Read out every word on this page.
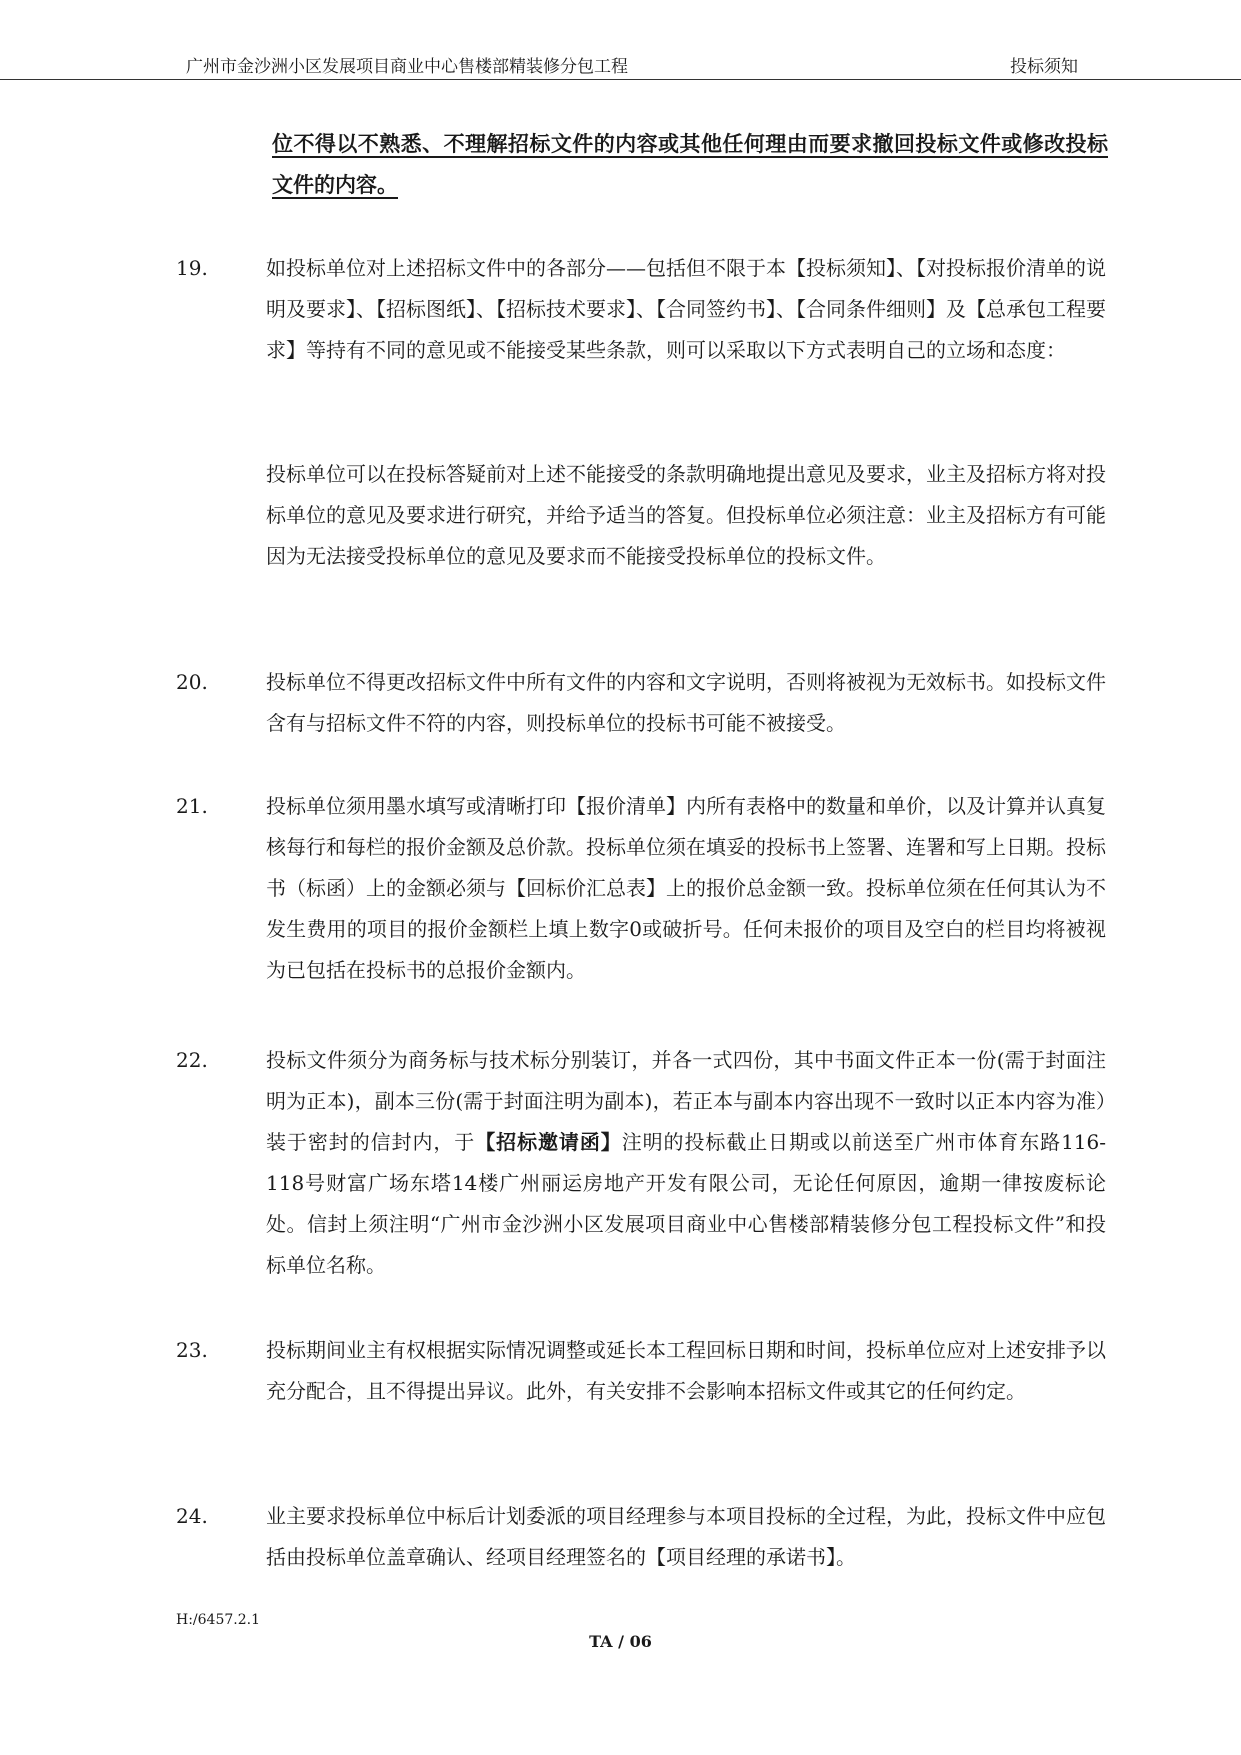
广州市金沙洲小区发展项目商业中心售楼部精装修分包工程	投标须知
位不得以不熟悉、不理解招标文件的内容或其他任何理由而要求撤回投标文件或修改投标文件的内容。
19.	如投标单位对上述招标文件中的各部分——包括但不限于本【投标须知】、【对投标报价清单的说明及要求】、【招标图纸】、【招标技术要求】、【合同签约书】、【合同条件细则】及【总承包工程要求】等持有不同的意见或不能接受某些条款，则可以采取以下方式表明自己的立场和态度：
投标单位可以在投标答疑前对上述不能接受的条款明确地提出意见及要求，业主及招标方将对投标单位的意见及要求进行研究，并给予适当的答复。但投标单位必须注意：业主及招标方有可能因为无法接受投标单位的意见及要求而不能接受投标单位的投标文件。
20.	投标单位不得更改招标文件中所有文件的内容和文字说明，否则将被视为无效标书。如投标文件含有与招标文件不符的内容，则投标单位的投标书可能不被接受。
21.	投标单位须用墨水填写或清晰打印【报价清单】内所有表格中的数量和单价，以及计算并认真复核每行和每栏的报价金额及总价款。投标单位须在填妥的投标书上签署、连署和写上日期。投标书（标函）上的金额必须与【回标价汇总表】上的报价总金额一致。投标单位须在任何其认为不发生费用的项目的报价金额栏上填上数字0或破折号。任何未报价的项目及空白的栏目均将被视为已包括在投标书的总报价金额内。
22.	投标文件须分为商务标与技术标分别装订，并各一式四份，其中书面文件正本一份(需于封面注明为正本)，副本三份(需于封面注明为副本)，若正本与副本内容出现不一致时以正本内容为准）装于密封的信封内，于【招标邀请函】注明的投标截止日期或以前送至广州市体育东路116-118号财富广场东塔14楼广州丽运房地产开发有限公司，无论任何原因，逾期一律按废标论处。信封上须注明“广州市金沙洲小区发展项目商业中心售楼部精装修分包工程投标文件”和投标单位名称。
23.	投标期间业主有权根据实际情况调整或延长本工程回标日期和时间，投标单位应对上述安排予以充分配合，且不得提出异议。此外，有关安排不会影响本招标文件或其它的任何约定。
24.	业主要求投标单位中标后计划委派的项目经理参与本项目投标的全过程，为此，投标文件中应包括由投标单位盖章确认、经项目经理签名的【项目经理的承诺书】。
H:/6457.2.1
TA / 06
